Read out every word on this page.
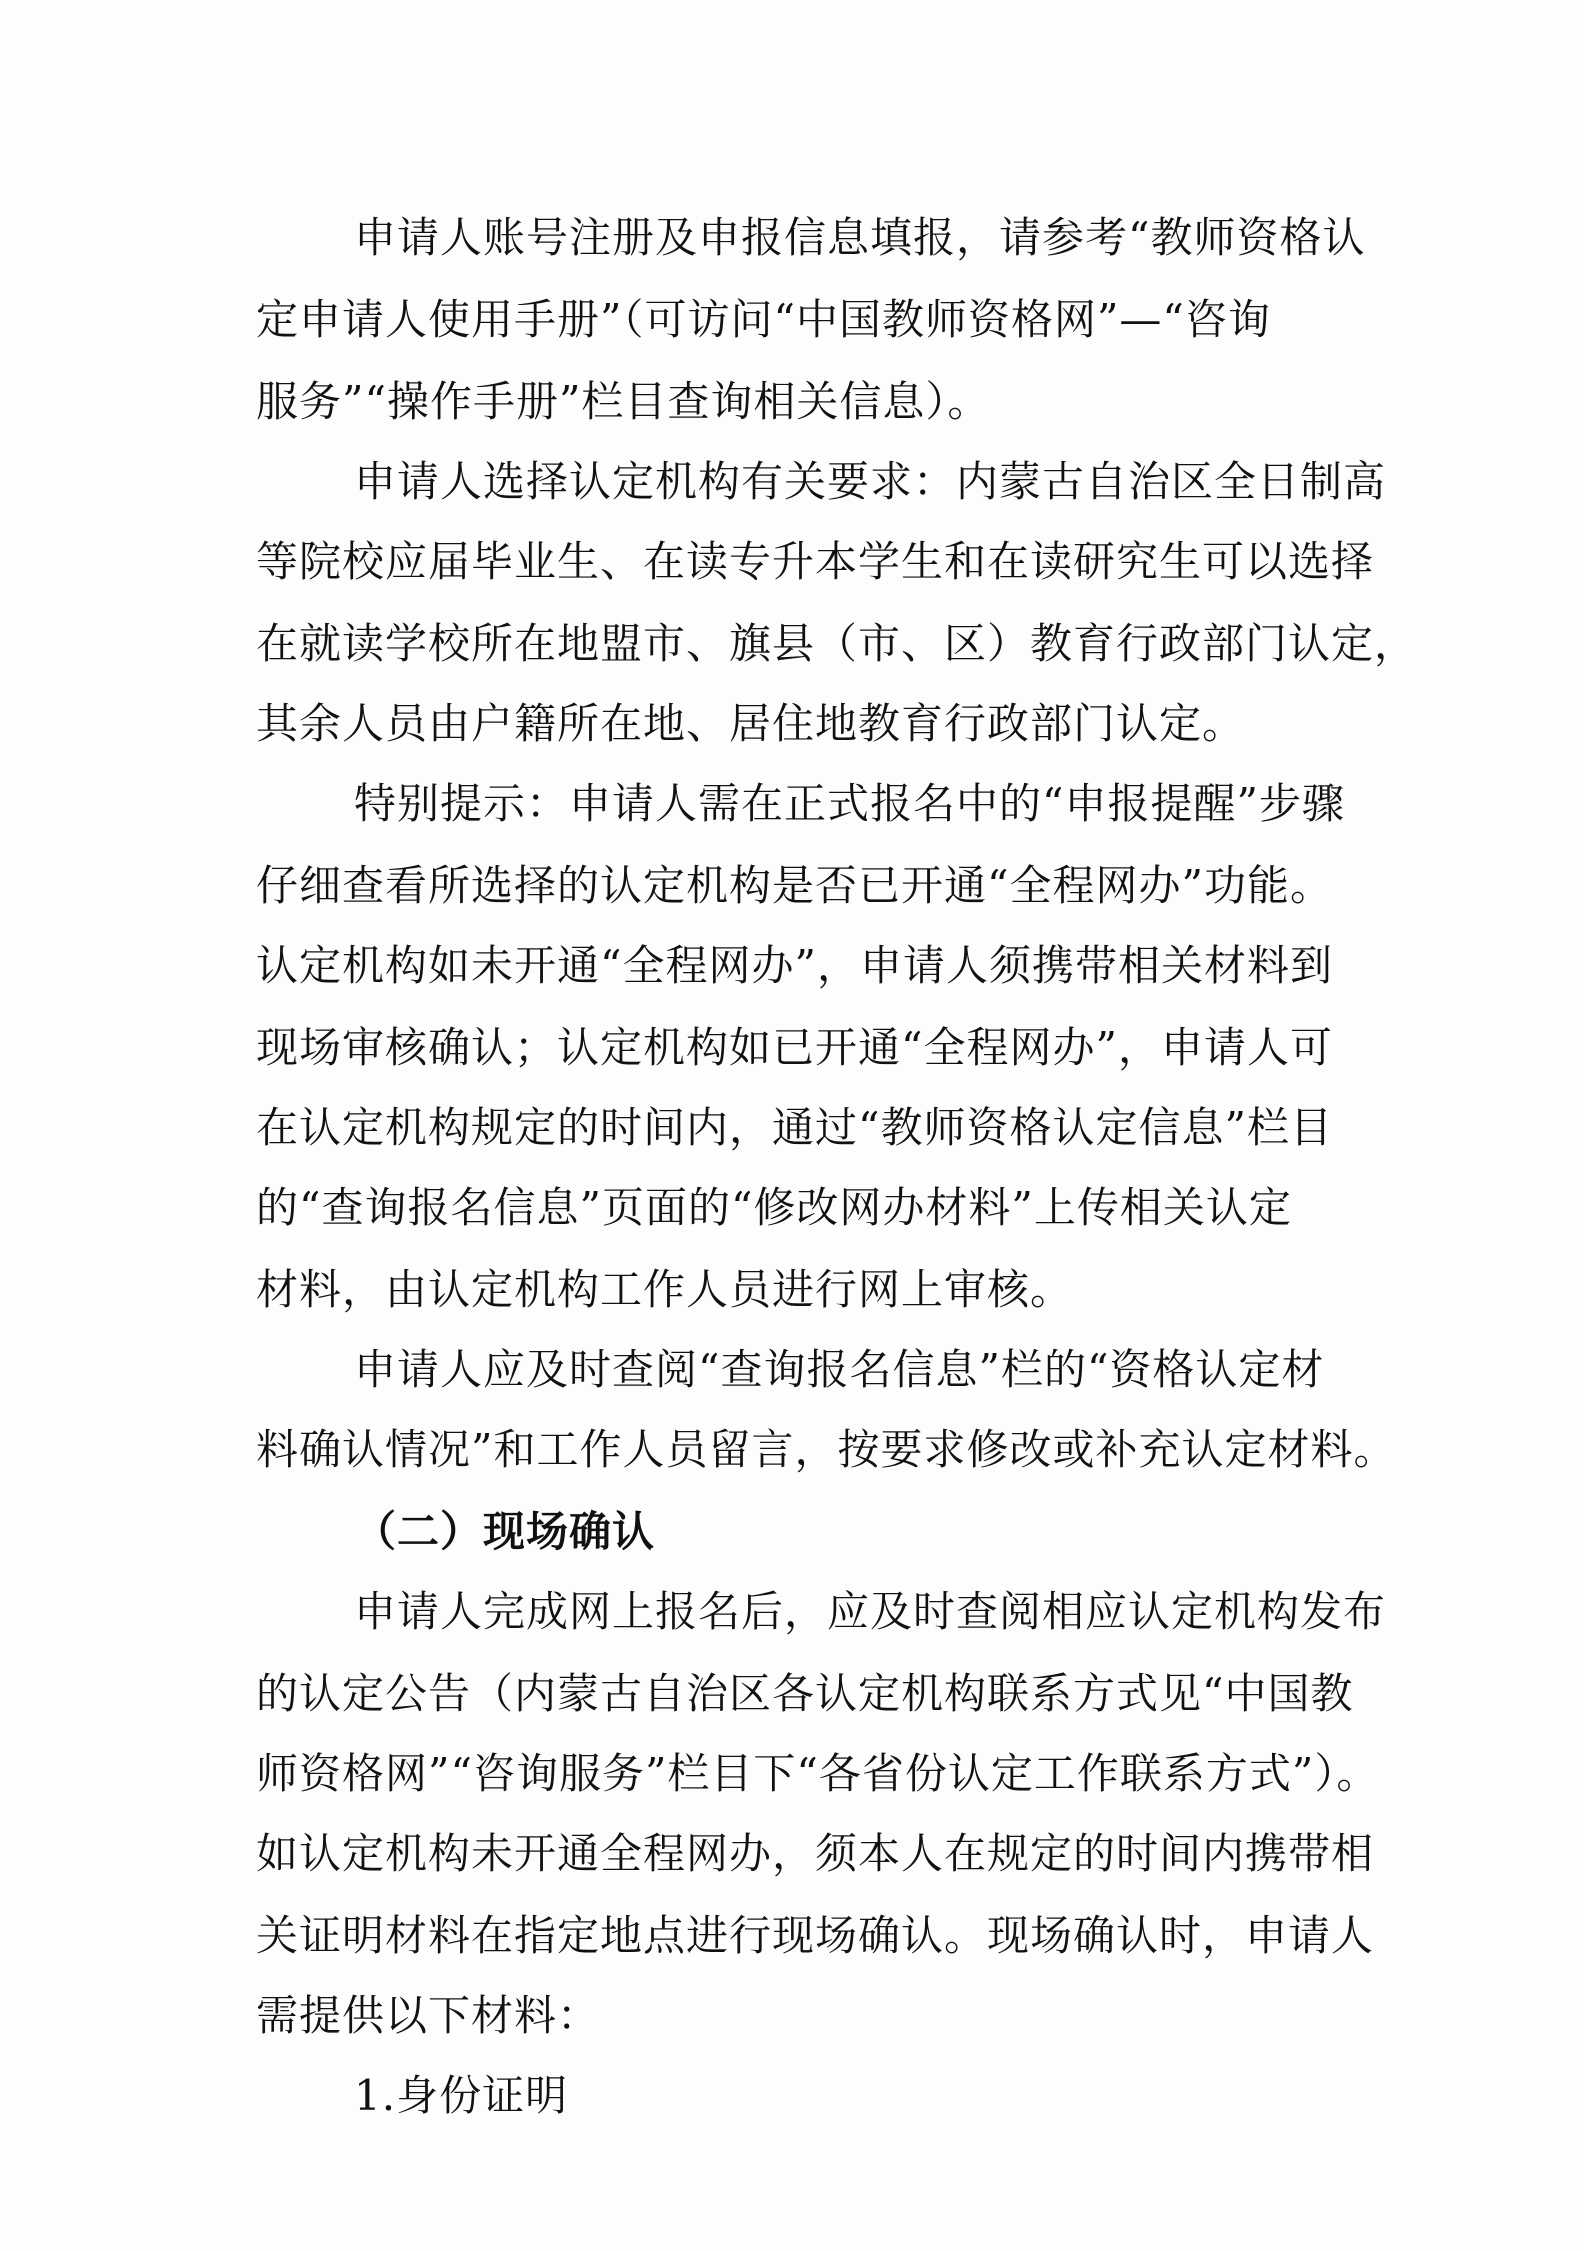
申请人账号注册及申报信息填报，请参考“教师资格认
定申请人使用手册”（可访问“中国教师资格网”—“咨询
服务”“操作手册”栏目查询相关信息）。
申请人选择认定机构有关要求：内蒙古自治区全日制高
等院校应届毕业生、在读专升本学生和在读研究生可以选择
在就读学校所在地盟市、旗县（市、区）教育行政部门认定，
其余人员由户籍所在地、居住地教育行政部门认定。
特别提示：申请人需在正式报名中的“申报提醒”步骤
仔细查看所选择的认定机构是否已开通“全程网办”功能。
认定机构如未开通“全程网办”，申请人须携带相关材料到
现场审核确认；认定机构如已开通“全程网办”，申请人可
在认定机构规定的时间内，通过“教师资格认定信息”栏目
的“查询报名信息”页面的“修改网办材料”上传相关认定
材料，由认定机构工作人员进行网上审核。
申请人应及时查阅“查询报名信息”栏的“资格认定材
料确认情况”和工作人员留言，按要求修改或补充认定材料。
（二）现场确认
申请人完成网上报名后，应及时查阅相应认定机构发布
的认定公告（内蒙古自治区各认定机构联系方式见“中国教
师资格网”“咨询服务”栏目下“各省份认定工作联系方式”）。
如认定机构未开通全程网办，须本人在规定的时间内携带相
关证明材料在指定地点进行现场确认。现场确认时，申请人
需提供以下材料：
1.身份证明
